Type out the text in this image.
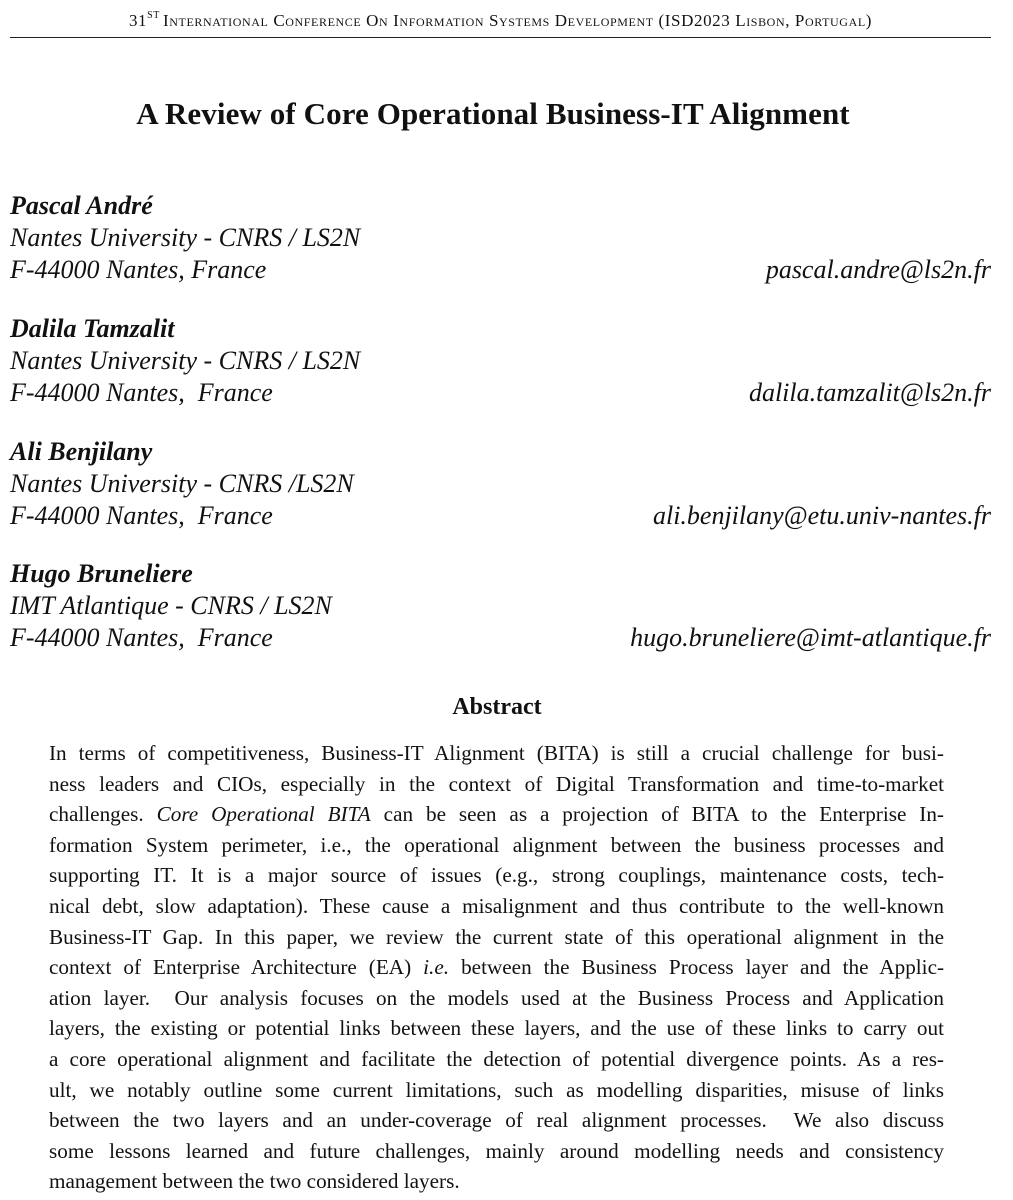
31ST International Conference On Information Systems Development (ISD2023 Lisbon, Portugal)
A Review of Core Operational Business-IT Alignment
Pascal André
Nantes University - CNRS / LS2N
F-44000 Nantes, France	pascal.andre@ls2n.fr
Dalila Tamzalit
Nantes University - CNRS / LS2N
F-44000 Nantes,  France	dalila.tamzalit@ls2n.fr
Ali Benjilany
Nantes University - CNRS /LS2N
F-44000 Nantes,  France	ali.benjilany@etu.univ-nantes.fr
Hugo Bruneliere
IMT Atlantique - CNRS / LS2N
F-44000 Nantes,  France	hugo.bruneliere@imt-atlantique.fr
Abstract
In terms of competitiveness, Business-IT Alignment (BITA) is still a crucial challenge for busi-
ness leaders and CIOs, especially in the context of Digital Transformation and time-to-market
challenges. Core Operational BITA can be seen as a projection of BITA to the Enterprise In-
formation System perimeter, i.e., the operational alignment between the business processes and
supporting IT. It is a major source of issues (e.g., strong couplings, maintenance costs, tech-
nical debt, slow adaptation). These cause a misalignment and thus contribute to the well-known
Business-IT Gap. In this paper, we review the current state of this operational alignment in the
context of Enterprise Architecture (EA) i.e. between the Business Process layer and the Applic-
ation layer.  Our analysis focuses on the models used at the Business Process and Application
layers, the existing or potential links between these layers, and the use of these links to carry out
a core operational alignment and facilitate the detection of potential divergence points. As a res-
ult, we notably outline some current limitations, such as modelling disparities, misuse of links
between the two layers and an under-coverage of real alignment processes.  We also discuss
some lessons learned and future challenges, mainly around modelling needs and consistency
management between the two considered layers.
